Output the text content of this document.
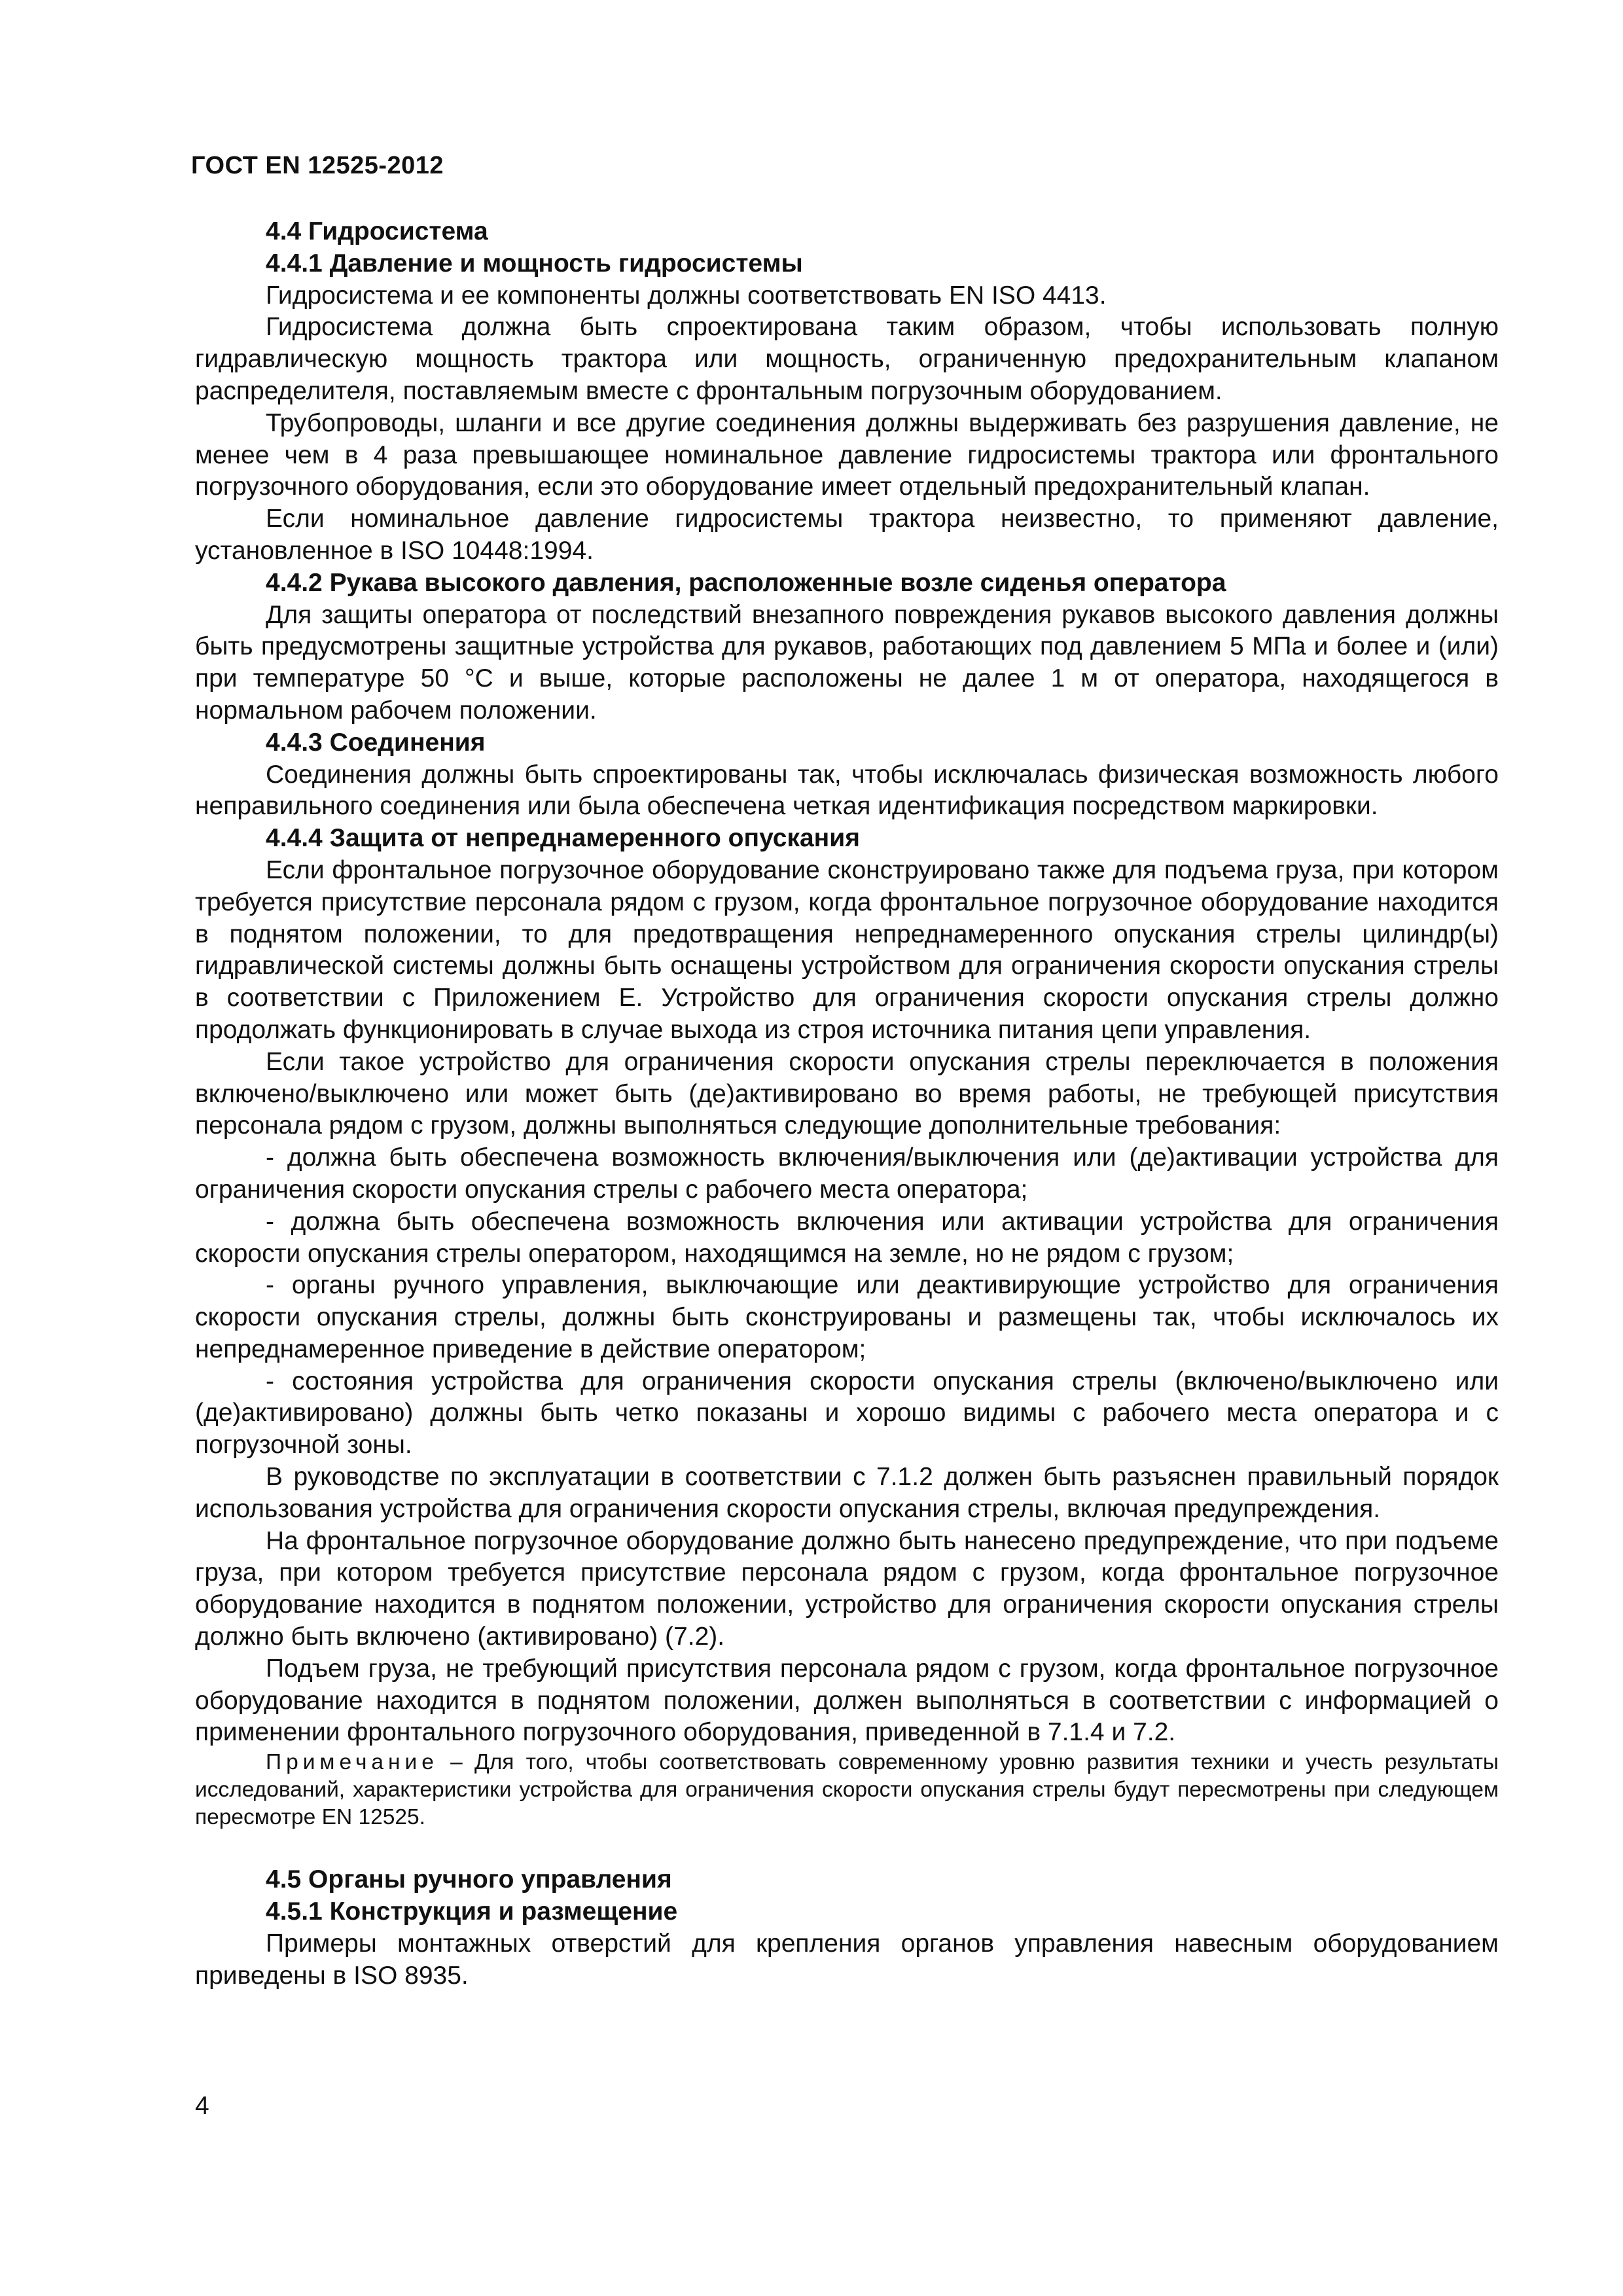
ГОСТ EN 12525-2012

4.4 Гидросистема

4.4.1 Давление и мощность гидросистемы

Гидросистема и ее компоненты должны соответствовать EN ISO 4413.

Гидросистема должна быть спроектирована таким образом, чтобы использовать полную гидравлическую мощность трактора или мощность, ограниченную предохранительным клапаном распределителя, поставляемым вместе с фронтальным погрузочным оборудованием.

Трубопроводы, шланги и все другие соединения должны выдерживать без разрушения давление, не менее чем в 4 раза превышающее номинальное давление гидросистемы трактора или фронтального погрузочного оборудования, если это оборудование имеет отдельный предохранительный клапан.

Если номинальное давление гидросистемы трактора неизвестно, то применяют давление, установленное в ISO 10448:1994.

4.4.2 Рукава высокого давления, расположенные возле сиденья оператора

Для защиты оператора от последствий внезапного повреждения рукавов высокого давления должны быть предусмотрены защитные устройства для рукавов, работающих под давлением 5 МПа и более и (или) при температуре 50 °С и выше, которые расположены не далее 1 м от оператора, находящегося в нормальном рабочем положении.

4.4.3 Соединения

Соединения должны быть спроектированы так, чтобы исключалась физическая возможность любого неправильного соединения или была обеспечена четкая идентификация посредством маркировки.

4.4.4 Защита от непреднамеренного опускания

Если фронтальное погрузочное оборудование сконструировано также для подъема груза, при котором требуется присутствие персонала рядом с грузом, когда фронтальное погрузочное оборудование находится в поднятом положении, то для предотвращения непреднамеренного опускания стрелы цилиндр(ы) гидравлической системы должны быть оснащены устройством для ограничения скорости опускания стрелы в соответствии с Приложением Е. Устройство для ограничения скорости опускания стрелы должно продолжать функционировать в случае выхода из строя источника питания цепи управления.

Если такое устройство для ограничения скорости опускания стрелы переключается в положения включено/выключено или может быть (де)активировано во время работы, не требующей присутствия персонала рядом с грузом, должны выполняться следующие дополнительные требования:

- должна быть обеспечена возможность включения/выключения или (де)активации устройства для ограничения скорости опускания стрелы с рабочего места оператора;

- должна быть обеспечена возможность включения или активации устройства для ограничения скорости опускания стрелы оператором, находящимся на земле, но не рядом с грузом;

- органы ручного управления, выключающие или деактивирующие устройство для ограничения скорости опускания стрелы, должны быть сконструированы и размещены так, чтобы исключалось их непреднамеренное приведение в действие оператором;

- состояния устройства для ограничения скорости опускания стрелы (включено/выключено или (де)активировано) должны быть четко показаны и хорошо видимы с рабочего места оператора и с погрузочной зоны.

В руководстве по эксплуатации в соответствии с 7.1.2 должен быть разъяснен правильный порядок использования устройства для ограничения скорости опускания стрелы, включая предупреждения.

На фронтальное погрузочное оборудование должно быть нанесено предупреждение, что при подъеме груза, при котором требуется присутствие персонала рядом с грузом, когда фронтальное погрузочное оборудование находится в поднятом положении, устройство для ограничения скорости опускания стрелы должно быть включено (активировано) (7.2).

Подъем груза, не требующий присутствия персонала рядом с грузом, когда фронтальное погрузочное оборудование находится в поднятом положении, должен выполняться в соответствии с информацией о применении фронтального погрузочного оборудования, приведенной в 7.1.4 и 7.2.

Примечание – Для того, чтобы соответствовать современному уровню развития техники и учесть результаты исследований, характеристики устройства для ограничения скорости опускания стрелы будут пересмотрены при следующем пересмотре EN 12525.

4.5 Органы ручного управления

4.5.1 Конструкция и размещение

Примеры монтажных отверстий для крепления органов управления навесным оборудованием приведены в ISO 8935.

4
